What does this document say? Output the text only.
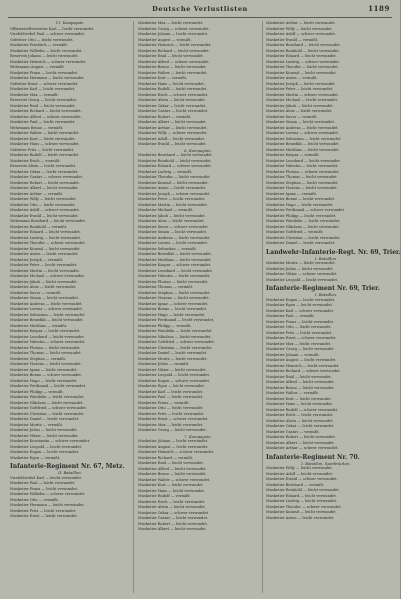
Deutsche Verlustlisten	1189
11. Kompagnie.
Offizierstellvertreter Karl — leicht verwundet.
Vizefeldwebel Paul — schwer verwundet.
Gefreiter Otto — leicht verwundet.
Musketier Friedrich — vermißt.
Musketier Wilhelm — leicht verwundet.
Reservist Johann — leicht verwundet.
Musketier Heinrich — schwer verwundet.
Wehrmann August — vermißt.
Musketier Franz — leicht verwundet.
Musketier Hermann — leicht verwundet.
Gefreiter Ernst — schwer verwundet.
Musketier Karl — leicht verwundet.
Musketier Max — vermißt.
Reservist Georg — leicht verwundet.
Musketier Emil — leicht verwundet.
Musketier Richard — leicht verwundet.
Musketier Alfred — schwer verwundet.
Musketier Paul — leicht verwundet.
Wehrmann Bruno — vermißt.
Musketier Walter — leicht verwundet.
Musketier Kurt — leicht verwundet.
Musketier Hans — schwer verwundet.
Gefreiter Fritz — leicht verwundet.
Musketier Rudolf — leicht verwundet.
Musketier Erich — vermißt.
Reservist Alwin — leicht verwundet.
Musketier Oskar — leicht verwundet.
Musketier Gustav — schwer verwundet.
Musketier Robert — leicht verwundet.
Musketier Albert — leicht verwundet.
Musketier Arthur — vermißt.
Musketier Willy — leicht verwundet.
Musketier Otto — leicht verwundet.
Musketier Adolf — schwer verwundet.
Musketier Ewald — leicht verwundet.
Wehrmann Bernhard — leicht verwundet.
Musketier Reinhold — vermißt.
Musketier Eduard — leicht verwundet.
Musketier Ludwig — leicht verwundet.
Musketier Theodor — schwer verwundet.
Musketier Konrad — leicht verwundet.
Musketier Anton — leicht verwundet.
Musketier Joseph — vermißt.
Musketier Peter — leicht verwundet.
Musketier Martin — leicht verwundet.
Musketier Michael — schwer verwundet.
Musketier Jakob — leicht verwundet.
Musketier Alois — leicht verwundet.
Musketier Xaver — vermißt.
Musketier Simon — leicht verwundet.
Musketier Andreas — leicht verwundet.
Musketier Lorenz — schwer verwundet.
Musketier Sebastian — leicht verwundet.
Musketier Benedikt — leicht verwundet.
Musketier Matthias — vermißt.
Musketier Kaspar — leicht verwundet.
Musketier Leonhard — leicht verwundet.
Musketier Valentin — schwer verwundet.
Musketier Florian — leicht verwundet.
Musketier Thomas — leicht verwundet.
Musketier Stephan — vermißt.
Musketier Vinzenz — leicht verwundet.
Musketier Ignaz — leicht verwundet.
Musketier Benno — schwer verwundet.
Musketier Hugo — leicht verwundet.
Musketier Ferdinand — leicht verwundet.
Musketier Philipp — vermißt.
Musketier Wendelin — leicht verwundet.
Musketier Nikolaus — leicht verwundet.
Musketier Gottfried — schwer verwundet.
Musketier Christian — leicht verwundet.
Musketier Daniel — leicht verwundet.
Musketier Moritz — vermißt.
Musketier Julius — leicht verwundet.
Musketier Viktor — leicht verwundet.
Musketier Konstantin — schwer verwundet.
Musketier Leopold — leicht verwundet.
Musketier Eugen — leicht verwundet.
Musketier Egon — vermißt.
Infanterie-Regiment Nr. 67, Metz.
II. Bataillon.
Vizefeldwebel Karl — leicht verwundet.
Musketier Paul — leicht verwundet.
Musketier Franz — leicht verwundet.
Musketier Wilhelm — schwer verwundet.
Musketier Otto — vermißt.
Musketier Hermann — leicht verwundet.
Musketier Fritz — leicht verwundet.
Musketier Ernst — leicht verwundet.
Musketier Max — leicht verwundet.
Musketier Georg — schwer verwundet.
Musketier Johann — leicht verwundet.
Musketier August — vermißt.
Musketier Heinrich — leicht verwundet.
Musketier Richard — leicht verwundet.
Musketier Emil — leicht verwundet.
Musketier Alfred — schwer verwundet.
Musketier Bruno — leicht verwundet.
Musketier Walter — leicht verwundet.
Musketier Kurt — vermißt.
Musketier Hans — leicht verwundet.
Musketier Rudolf — leicht verwundet.
Musketier Erich — schwer verwundet.
Musketier Alwin — leicht verwundet.
Musketier Oskar — leicht verwundet.
Musketier Gustav — leicht verwundet.
Musketier Robert — vermißt.
Musketier Albert — leicht verwundet.
Musketier Arthur — leicht verwundet.
Musketier Willy — schwer verwundet.
Musketier Adolf — leicht verwundet.
Musketier Ewald — leicht verwundet.
6. Kompagnie.
Musketier Bernhard — leicht verwundet.
Musketier Reinhold — leicht verwundet.
Musketier Eduard — schwer verwundet.
Musketier Ludwig — vermißt.
Musketier Theodor — leicht verwundet.
Musketier Konrad — leicht verwundet.
Musketier Anton — leicht verwundet.
Musketier Joseph — schwer verwundet.
Musketier Peter — leicht verwundet.
Musketier Martin — leicht verwundet.
Musketier Michael — vermißt.
Musketier Jakob — leicht verwundet.
Musketier Alois — leicht verwundet.
Musketier Xaver — schwer verwundet.
Musketier Simon — leicht verwundet.
Musketier Andreas — leicht verwundet.
Musketier Lorenz — leicht verwundet.
Musketier Sebastian — vermißt.
Musketier Benedikt — leicht verwundet.
Musketier Matthias — leicht verwundet.
Musketier Kaspar — schwer verwundet.
Musketier Leonhard — leicht verwundet.
Musketier Valentin — leicht verwundet.
Musketier Florian — leicht verwundet.
Musketier Thomas — vermißt.
Musketier Stephan — leicht verwundet.
Musketier Vinzenz — leicht verwundet.
Musketier Ignaz — schwer verwundet.
Musketier Benno — leicht verwundet.
Musketier Hugo — leicht verwundet.
Musketier Ferdinand — leicht verwundet.
Musketier Philipp — vermißt.
Musketier Wendelin — leicht verwundet.
Musketier Nikolaus — leicht verwundet.
Musketier Gottfried — schwer verwundet.
Musketier Christian — leicht verwundet.
Musketier Daniel — leicht verwundet.
Musketier Moritz — leicht verwundet.
Musketier Julius — vermißt.
Musketier Viktor — leicht verwundet.
Musketier Leopold — leicht verwundet.
Musketier Eugen — schwer verwundet.
Musketier Egon — leicht verwundet.
Musketier Karl — leicht verwundet.
Musketier Paul — leicht verwundet.
Musketier Franz — vermißt.
Musketier Otto — leicht verwundet.
Musketier Fritz — leicht verwundet.
Musketier Ernst — schwer verwundet.
Musketier Max — leicht verwundet.
Musketier Georg — leicht verwundet.
7. Kompagnie.
Musketier Johann — leicht verwundet.
Musketier August — leicht verwundet.
Musketier Heinrich — schwer verwundet.
Musketier Richard — vermißt.
Musketier Emil — leicht verwundet.
Musketier Alfred — leicht verwundet.
Musketier Bruno — leicht verwundet.
Musketier Walter — schwer verwundet.
Musketier Kurt — leicht verwundet.
Musketier Hans — leicht verwundet.
Musketier Rudolf — vermißt.
Musketier Erich — leicht verwundet.
Musketier Alwin — leicht verwundet.
Musketier Oskar — schwer verwundet.
Musketier Gustav — leicht verwundet.
Musketier Robert — leicht verwundet.
Musketier Albert — leicht verwundet.
Musketier Arthur — leicht verwundet.
Musketier Willy — leicht verwundet.
Musketier Adolf — schwer verwundet.
Musketier Ewald — vermißt.
Musketier Bernhard — leicht verwundet.
Musketier Reinhold — leicht verwundet.
Musketier Eduard — leicht verwundet.
Musketier Ludwig — schwer verwundet.
Musketier Theodor — leicht verwundet.
Musketier Konrad — leicht verwundet.
Musketier Anton — vermißt.
Musketier Joseph — leicht verwundet.
Musketier Peter — leicht verwundet.
Musketier Martin — schwer verwundet.
Musketier Michael — leicht verwundet.
Musketier Jakob — leicht verwundet.
Musketier Alois — leicht verwundet.
Musketier Xaver — vermißt.
Musketier Simon — leicht verwundet.
Musketier Andreas — leicht verwundet.
Musketier Lorenz — schwer verwundet.
Musketier Sebastian — leicht verwundet.
Musketier Benedikt — leicht verwundet.
Musketier Matthias — leicht verwundet.
Musketier Kaspar — vermißt.
Musketier Leonhard — leicht verwundet.
Musketier Valentin — leicht verwundet.
Musketier Florian — schwer verwundet.
Musketier Thomas — leicht verwundet.
Musketier Stephan — leicht verwundet.
Musketier Vinzenz — leicht verwundet.
Musketier Ignaz — vermißt.
Musketier Benno — leicht verwundet.
Musketier Hugo — leicht verwundet.
Musketier Ferdinand — schwer verwundet.
Musketier Philipp — leicht verwundet.
Musketier Wendelin — leicht verwundet.
Musketier Nikolaus — leicht verwundet.
Musketier Gottfried — vermißt.
Musketier Christian — leicht verwundet.
Musketier Daniel — leicht verwundet.
Landwehr-Infanterie-Regt. Nr. 69, Trier.
I. Bataillon.
Musketier Moritz — leicht verwundet.
Musketier Julius — leicht verwundet.
Musketier Viktor — schwer verwundet.
Musketier Leopold — leicht verwundet.
Infanterie-Regiment Nr. 69, Trier.
I. Bataillon.
Musketier Eugen — leicht verwundet.
Musketier Egon — leicht verwundet.
Musketier Karl — schwer verwundet.
Musketier Paul — vermißt.
Musketier Franz — leicht verwundet.
Musketier Otto — leicht verwundet.
Musketier Fritz — leicht verwundet.
Musketier Ernst — schwer verwundet.
Musketier Max — leicht verwundet.
Musketier Georg — leicht verwundet.
Musketier Johann — vermißt.
Musketier August — leicht verwundet.
Musketier Heinrich — leicht verwundet.
Musketier Richard — schwer verwundet.
Musketier Emil — leicht verwundet.
Musketier Alfred — leicht verwundet.
Musketier Bruno — leicht verwundet.
Musketier Walter — vermißt.
Musketier Kurt — leicht verwundet.
Musketier Hans — leicht verwundet.
Musketier Rudolf — schwer verwundet.
Musketier Erich — leicht verwundet.
Musketier Alwin — leicht verwundet.
Musketier Oskar — leicht verwundet.
Musketier Gustav — vermißt.
Musketier Robert — leicht verwundet.
Musketier Albert — leicht verwundet.
Musketier Arthur — schwer verwundet.
Infanterie-Regiment Nr. 70.
I. Bataillon, Saarbrücken.
Musketier Willy — leicht verwundet.
Musketier Adolf — leicht verwundet.
Musketier Ewald — schwer verwundet.
Musketier Bernhard — vermißt.
Musketier Reinhold — leicht verwundet.
Musketier Eduard — leicht verwundet.
Musketier Ludwig — leicht verwundet.
Musketier Theodor — schwer verwundet.
Musketier Konrad — leicht verwundet.
Musketier Anton — leicht verwundet.
